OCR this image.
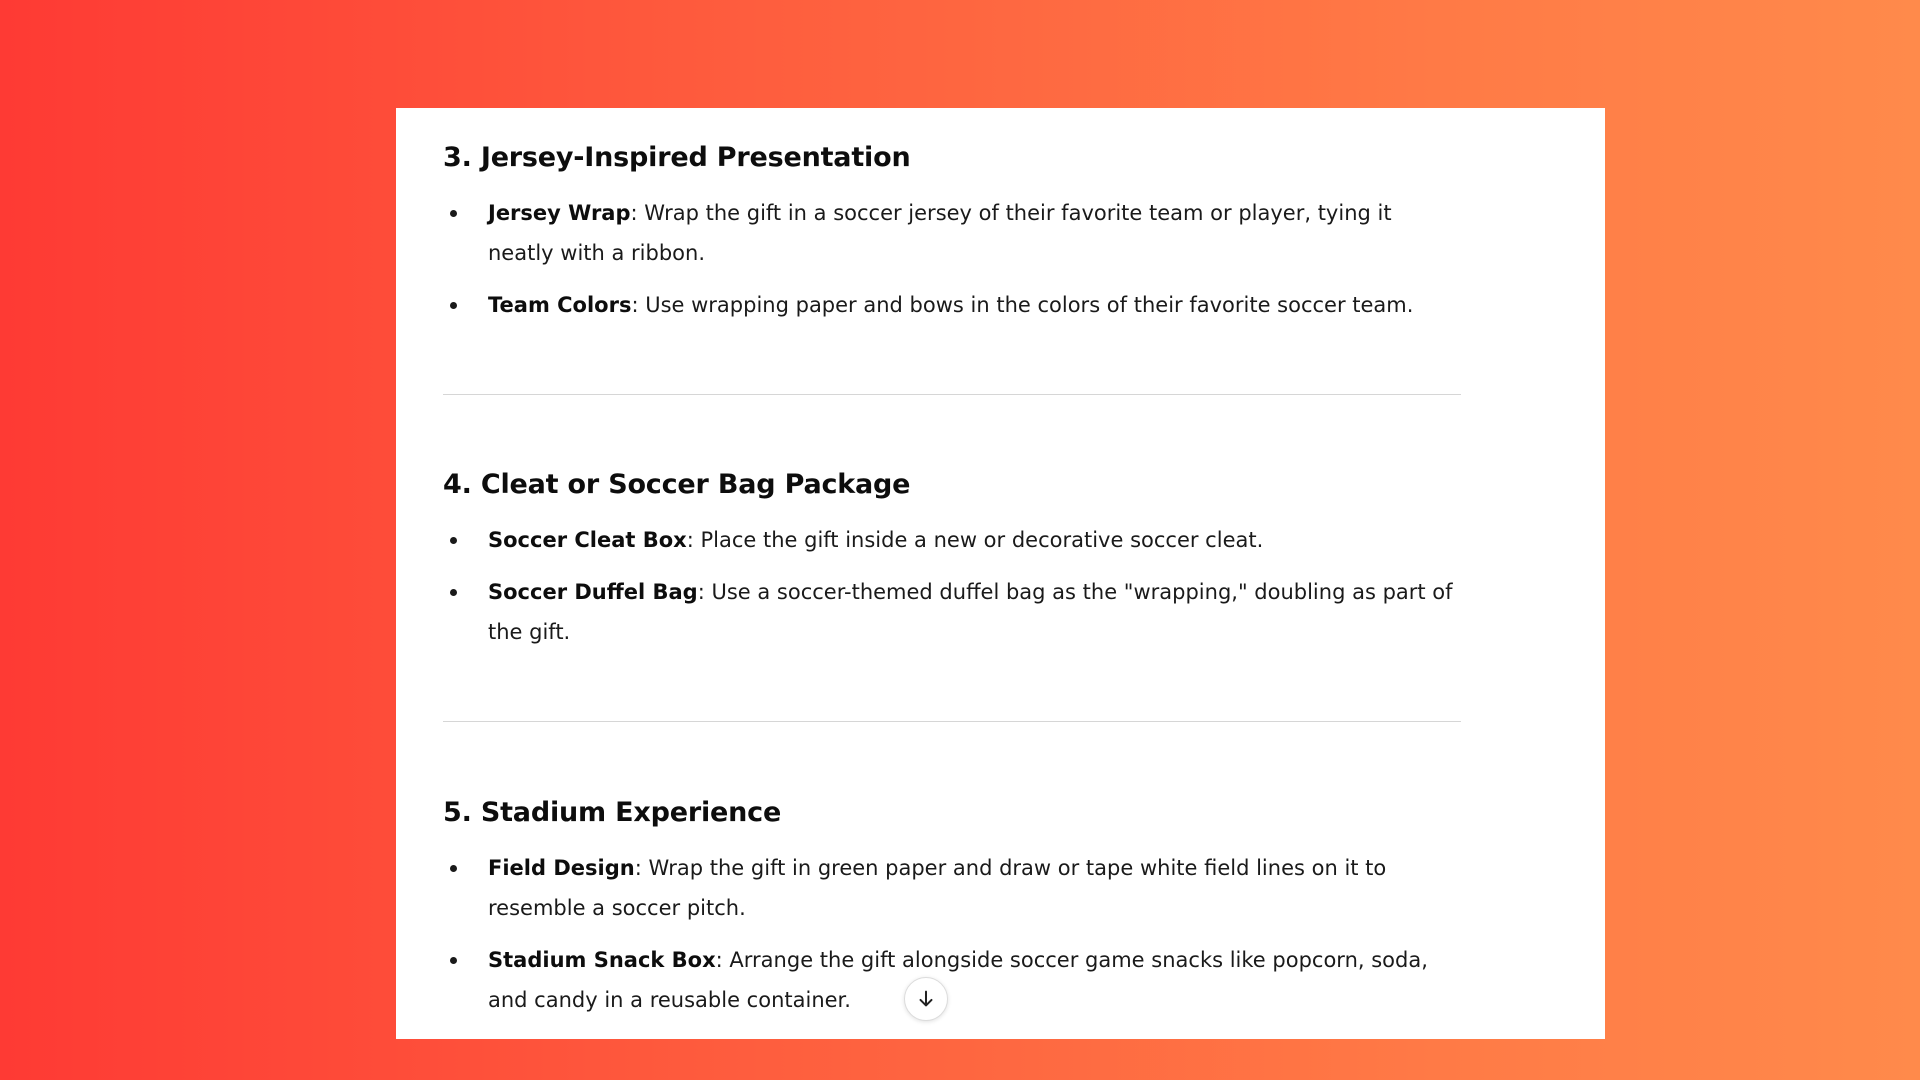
3. Jersey-Inspired Presentation
Jersey Wrap: Wrap the gift in a soccer jersey of their favorite team or player, tying it neatly with a ribbon.
Team Colors: Use wrapping paper and bows in the colors of their favorite soccer team.
4. Cleat or Soccer Bag Package
Soccer Cleat Box: Place the gift inside a new or decorative soccer cleat.
Soccer Duffel Bag: Use a soccer-themed duffel bag as the "wrapping," doubling as part of the gift.
5. Stadium Experience
Field Design: Wrap the gift in green paper and draw or tape white field lines on it to resemble a soccer pitch.
Stadium Snack Box: Arrange the gift alongside soccer game snacks like popcorn, soda, and candy in a reusable container.
